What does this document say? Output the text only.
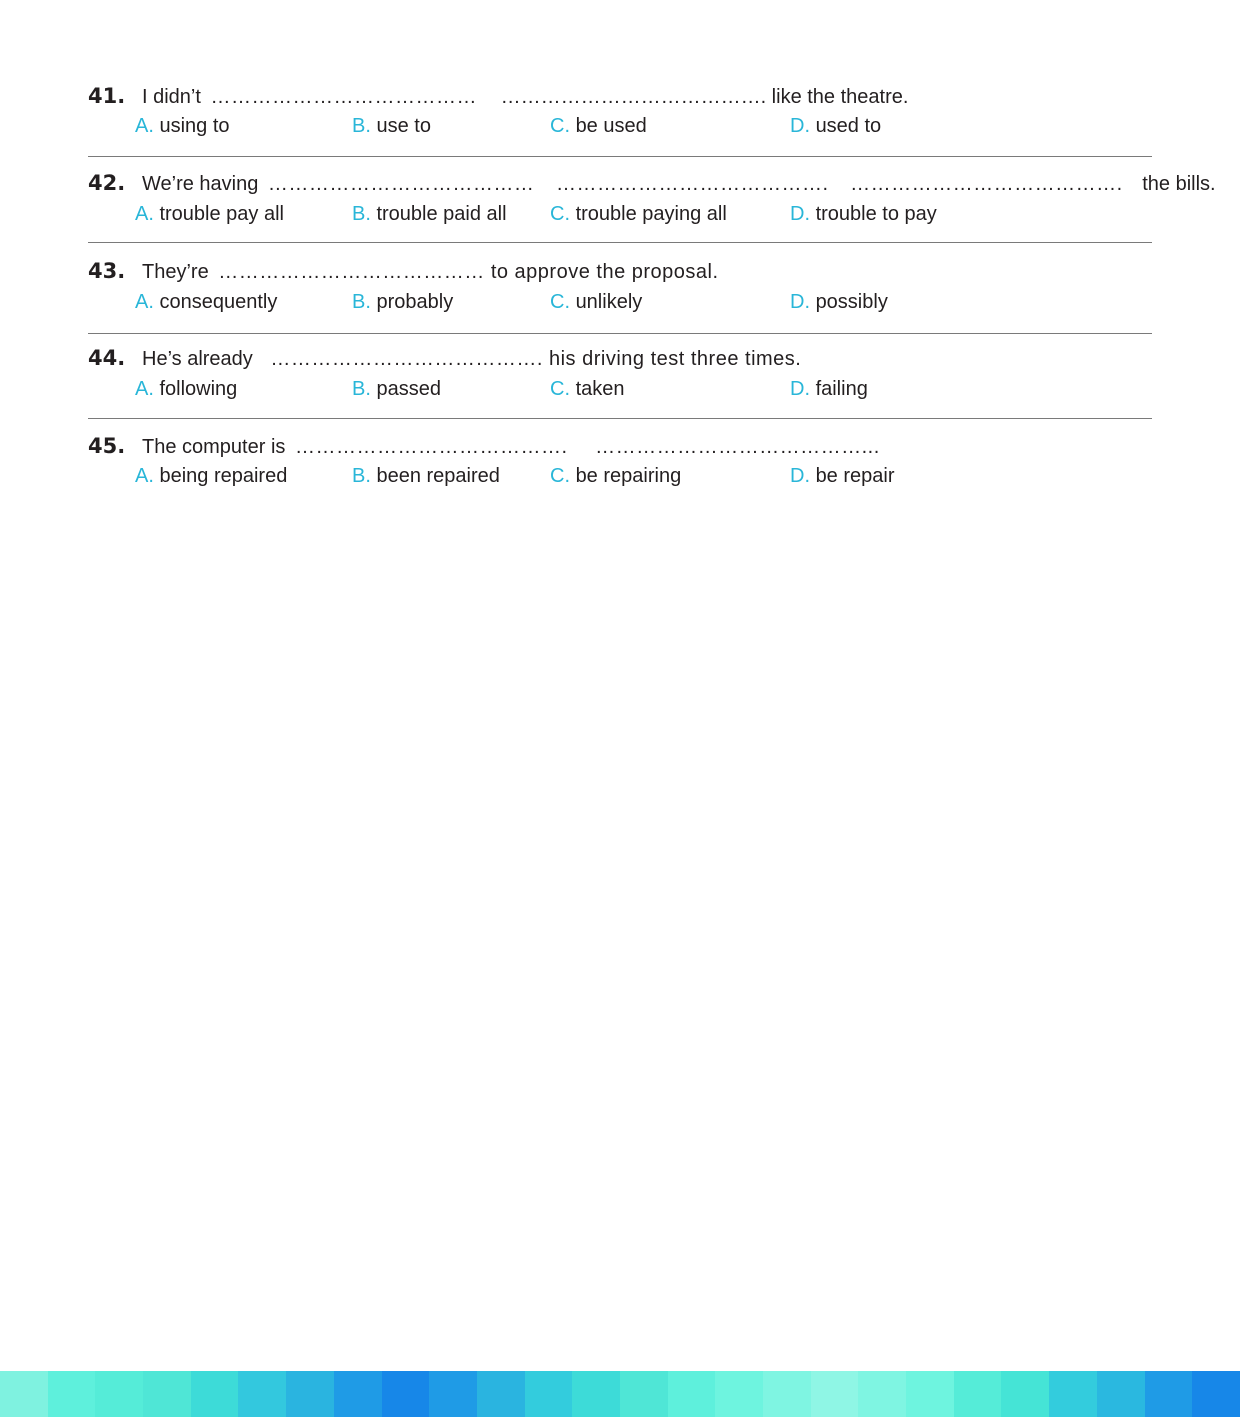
41. I didn’t ………………………………… …………………………………. like the theatre.
A. using to	B. use to	C. be used	D. used to
42. We’re having ………………………………… …………………………………. …………………………………. the bills.
A. trouble pay all	B. trouble paid all C. trouble paying all	D. trouble to pay
43. They’re ………………………………… to approve the proposal.
A. consequently	B. probably	C. unlikely	D. possibly
44. He’s already …………………………………. his driving test three times.
A. following	B. passed	C. taken	D. failing
45. The computer is …………………………………. …………………………………...
A. being repaired	B. been repaired	C. be repairing	D. be repair
